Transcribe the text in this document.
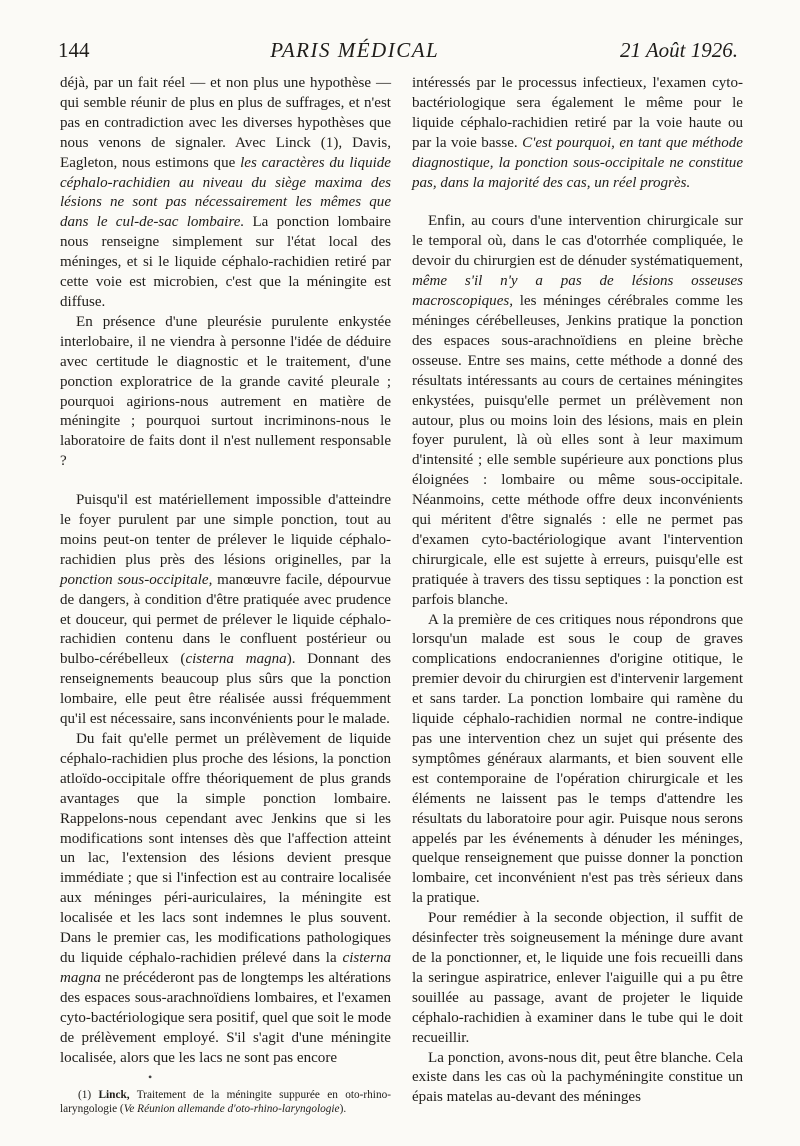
144	PARIS MÉDICAL	21 Août 1926.

déjà, par un fait réel — et non plus une hypothèse — qui semble réunir de plus en plus de suffrages, et n'est pas en contradiction avec les diverses hypothèses que nous venons de signaler. Avec Linck (1), Davis, Eagleton, nous estimons que les caractères du liquide céphalo-rachidien au niveau du siège maxima des lésions ne sont pas nécessairement les mêmes que dans le cul-de-sac lombaire. La ponction lombaire nous renseigne simplement sur l'état local des méninges, et si le liquide céphalo-rachidien retiré par cette voie est microbien, c'est que la méningite est diffuse.

En présence d'une pleurésie purulente enkystée interlobaire, il ne viendra à personne l'idée de déduire avec certitude le diagnostic et le traitement, d'une ponction exploratrice de la grande cavité pleurale ; pourquoi agirions-nous autrement en matière de méningite ; pourquoi surtout incriminons-nous le laboratoire de faits dont il n'est nullement responsable ?

Puisqu'il est matériellement impossible d'atteindre le foyer purulent par une simple ponction, tout au moins peut-on tenter de prélever le liquide céphalo-rachidien plus près des lésions originelles, par la ponction sous-occipitale, manœuvre facile, dépourvue de dangers, à condition d'être pratiquée avec prudence et douceur, qui permet de prélever le liquide céphalo-rachidien contenu dans le confluent postérieur ou bulbo-cérébelleux (cisterna magna). Donnant des renseignements beaucoup plus sûrs que la ponction lombaire, elle peut être réalisée aussi fréquemment qu'il est nécessaire, sans inconvénients pour le malade.

Du fait qu'elle permet un prélèvement de liquide céphalo-rachidien plus proche des lésions, la ponction atloïdo-occipitale offre théoriquement de plus grands avantages que la simple ponction lombaire. Rappelons-nous cependant avec Jenkins que si les modifications sont intenses dès que l'affection atteint un lac, l'extension des lésions devient presque immédiate ; que si l'infection est au contraire localisée aux méninges péri-auriculaires, la méningite est localisée et les lacs sont indemnes le plus souvent. Dans le premier cas, les modifications pathologiques du liquide céphalo-rachidien prélevé dans la cisterna magna ne précéderont pas de longtemps les altérations des espaces sous-arachnoïdiens lombaires, et l'examen cyto-bactériologique sera positif, quel que soit le mode de prélèvement employé. S'il s'agit d'une méningite localisée, alors que les lacs ne sont pas encore

(1) Linck, Traitement de la méningite suppurée en oto-rhino-laryngologie (Ve Réunion allemande d'oto-rhino-laryngologie).
•

intéressés par le processus infectieux, l'examen cyto-bactériologique sera également le même pour le liquide céphalo-rachidien retiré par la voie haute ou par la voie basse. C'est pourquoi, en tant que méthode diagnostique, la ponction sous-occipitale ne constitue pas, dans la majorité des cas, un réel progrès.

Enfin, au cours d'une intervention chirurgicale sur le temporal où, dans le cas d'otorrhée compliquée, le devoir du chirurgien est de dénuder systématiquement, même s'il n'y a pas de lésions osseuses macroscopiques, les méninges cérébrales comme les méninges cérébelleuses, Jenkins pratique la ponction des espaces sous-arachnoïdiens en pleine brèche osseuse. Entre ses mains, cette méthode a donné des résultats intéressants au cours de certaines méningites enkystées, puisqu'elle permet un prélèvement non autour, plus ou moins loin des lésions, mais en plein foyer purulent, là où elles sont à leur maximum d'intensité ; elle semble supérieure aux ponctions plus éloignées : lombaire ou même sous-occipitale. Néanmoins, cette méthode offre deux inconvénients qui méritent d'être signalés : elle ne permet pas d'examen cyto-bactériologique avant l'intervention chirurgicale, elle est sujette à erreurs, puisqu'elle est pratiquée à travers des tissu septiques : la ponction est parfois blanche.

A la première de ces critiques nous répondrons que lorsqu'un malade est sous le coup de graves complications endocraniennes d'origine otitique, le premier devoir du chirurgien est d'intervenir largement et sans tarder. La ponction lombaire qui ramène du liquide céphalo-rachidien normal ne contre-indique pas une intervention chez un sujet qui présente des symptômes généraux alarmants, et bien souvent elle est contemporaine de l'opération chirurgicale et les éléments ne laissent pas le temps d'attendre les résultats du laboratoire pour agir. Puisque nous serons appelés par les événements à dénuder les méninges, quelque renseignement que puisse donner la ponction lombaire, cet inconvénient n'est pas très sérieux dans la pratique.

Pour remédier à la seconde objection, il suffit de désinfecter très soigneusement la méninge dure avant de la ponctionner, et, le liquide une fois recueilli dans la seringue aspiratrice, enlever l'aiguille qui a pu être souillée au passage, avant de projeter le liquide céphalo-rachidien à examiner dans le tube qui le doit recueillir.

La ponction, avons-nous dit, peut être blanche. Cela existe dans les cas où la pachyméningite constitue un épais matelas au-devant des méninges
